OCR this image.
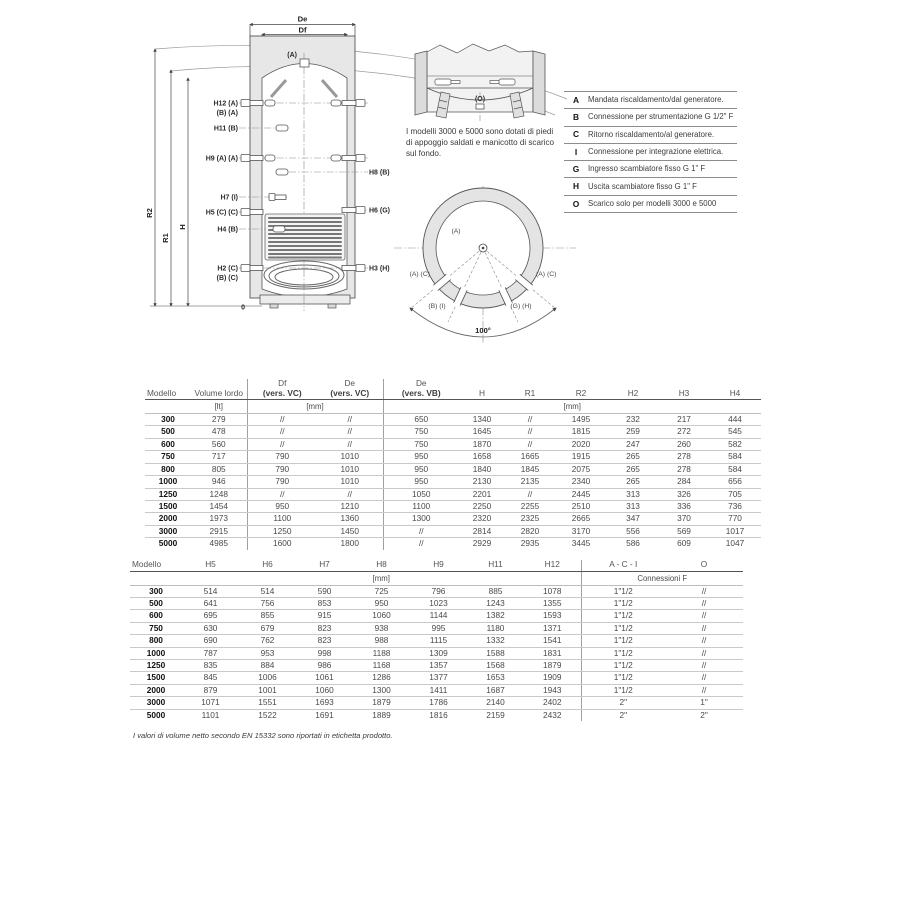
De
Df
R2
R1
H
(A)
H12 (A)
(B) (A)
H11 (B)
H9 (A) (A)
H7 (I)
H5 (C) (C)
H4 (B)
H2 (C)
(B) (C)
H8 (B)
H6 (G)
H3 (H)
0
(O)
I modelli 3000 e 5000 sono dotati di piedi di appoggio saldati e manicotto di scarico sul fondo.
A	Mandata riscaldamento/dal generatore.
B	Connessione per strumentazione G 1/2" F
C	Ritorno riscaldamento/al generatore.
I	Connessione per integrazione elettrica.
G	Ingresso scambiatore fisso G 1" F
H	Uscita scambiatore fisso G 1" F
O	Scarico solo per modelli 3000 e 5000
(A)
(A) (C)	(A) (C)
(B) (I)	(G) (H)
100°
Modello	Volume lordo	
Df
(vers. VC)

De
(vers. VC)

De
(vers. VB)	H	R1	R2	H2	H3	H4
	[lt]	[mm]		[mm]						
300	279	//	//	650	1340	//	1495	232	217	444
500	478	//	//	750	1645	//	1815	259	272	545
600	560	//	//	750	1870	//	2020	247	260	582
750	717	790	1010	950	1658	1665	1915	265	278	584
800	805	790	1010	950	1840	1845	2075	265	278	584
1000	946	790	1010	950	2130	2135	2340	265	284	656
1250	1248	//	//	1050	2201	//	2445	313	326	705
1500	1454	950	1210	1100	2250	2255	2510	313	336	736
2000	1973	1100	1360	1300	2320	2325	2665	347	370	770
3000	2915	1250	1450	//	2814	2820	3170	556	569	1017
5000	4985	1600	1800	//	2929	2935	3445	586	609	1047
Modello	H5	H6	H7	H8	H9	H11	H12	A - C - I	O
	[mm]							Connessioni F	
300	514	514	590	725	796	885	1078	1"1/2	//
500	641	756	853	950	1023	1243	1355	1"1/2	//
600	695	855	915	1060	1144	1382	1593	1"1/2	//
750	630	679	823	938	995	1180	1371	1"1/2	//
800	690	762	823	988	1115	1332	1541	1"1/2	//
1000	787	953	998	1188	1309	1588	1831	1"1/2	//
1250	835	884	986	1168	1357	1568	1879	1"1/2	//
1500	845	1006	1061	1286	1377	1653	1909	1"1/2	//
2000	879	1001	1060	1300	1411	1687	1943	1"1/2	//
3000	1071	1551	1693	1879	1786	2140	2402	2"	1"
5000	1101	1522	1691	1889	1816	2159	2432	2"	2"
I valori di volume netto secondo EN 15332 sono riportati in etichetta prodotto.
